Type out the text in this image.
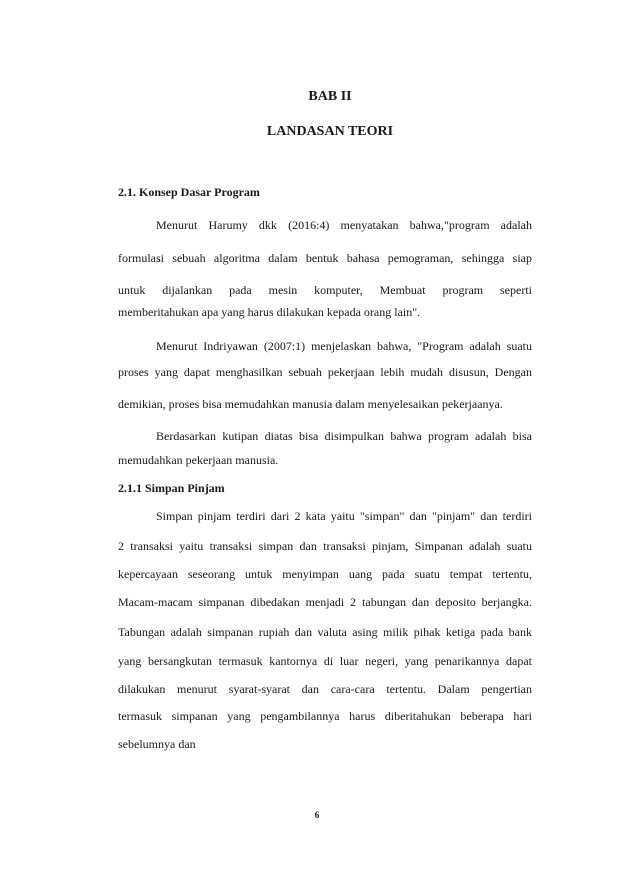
BAB II
LANDASAN TEORI
2.1. Konsep Dasar Program
Menurut Harumy dkk (2016:4) menyatakan bahwa,"program adalah
formulasi sebuah algoritma dalam bentuk bahasa pemograman, sehingga siap
untuk dijalankan pada mesin komputer, Membuat program seperti
memberitahukan apa yang harus dilakukan kepada orang lain".
Menurut Indriyawan (2007:1) menjelaskan bahwa, "Program adalah suatu
proses yang dapat menghasilkan sebuah pekerjaan lebih mudah disusun, Dengan
demikian, proses bisa memudahkan manusia dalam menyelesaikan pekerjaanya.
Berdasarkan kutipan diatas bisa disimpulkan bahwa program adalah bisa
memudahkan pekerjaan manusia.
2.1.1 Simpan Pinjam
Simpan pinjam terdiri dari 2 kata yaitu "simpan" dan "pinjam" dan terdiri
2 transaksi yaitu transaksi simpan dan transaksi pinjam, Simpanan adalah suatu
kepercayaan seseorang untuk menyimpan uang pada suatu tempat tertentu,
Macam-macam simpanan dibedakan menjadi 2 tabungan dan deposito berjangka.
Tabungan adalah simpanan rupiah dan valuta asing milik pihak ketiga pada bank
yang bersangkutan termasuk kantornya di luar negeri, yang penarikannya dapat
dilakukan menurut syarat-syarat dan cara-cara tertentu. Dalam pengertian
termasuk simpanan yang pengambilannya harus diberitahukan beberapa hari
sebelumnya dan
6
